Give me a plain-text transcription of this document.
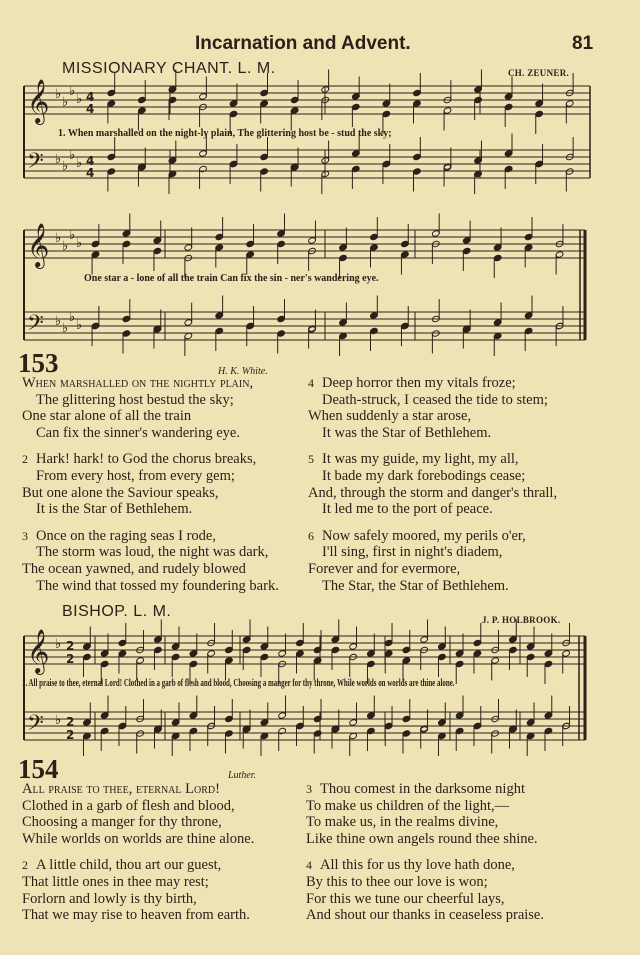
Incarnation and Advent.	81
MISSIONARY CHANT. L. M.	CH. ZEUNER.
𝄞
𝄢
𝄞
𝄢
𝄞
𝄢
♭
♭
♭
♭
♭ ♭
♭
♭
♭
♭
♭
♭
♭ ♭
♭
♭
♭
♭
4
4
4
4
2
2
2
2
1. When marshalled on the night-ly plain, The glittering host be - stud the sky;
One star a - lone of all the train Can fix the sin - ner's wandering eye.
153	H. K. White.
When marshalled on the nightly plain,
The glittering host bestud the sky;
One star alone of all the train
Can fix the sinner's wandering eye.
2 Hark! hark! to God the chorus breaks,
From every host, from every gem;
But one alone the Saviour speaks,
It is the Star of Bethlehem.
3 Once on the raging seas I rode,
The storm was loud, the night was dark,
The ocean yawned, and rudely blowed
The wind that tossed my foundering bark.
4 Deep horror then my vitals froze;
Death-struck, I ceased the tide to stem;
When suddenly a star arose,
It was the Star of Bethlehem.
5 It was my guide, my light, my all,
It bade my dark forebodings cease;
And, through the storm and danger's thrall,
It led me to the port of peace.
6 Now safely moored, my perils o'er,
I'll sing, first in night's diadem,
Forever and for evermore,
The Star, the Star of Bethlehem.
BISHOP. L. M.	J. P. HOLBROOK.
1. All praise to thee, eternal Lord! Clothed in a garb of flesh and blood, Choosing a manger for thy throne, While worlds on worlds are thine alone.
154	Luther.
All praise to thee, eternal Lord!
Clothed in a garb of flesh and blood,
Choosing a manger for thy throne,
While worlds on worlds are thine alone.
2 A little child, thou art our guest,
That little ones in thee may rest;
Forlorn and lowly is thy birth,
That we may rise to heaven from earth.
3 Thou comest in the darksome night
To make us children of the light,—
To make us, in the realms divine,
Like thine own angels round thee shine.
4 All this for us thy love hath done,
By this to thee our love is won;
For this we tune our cheerful lays,
And shout our thanks in ceaseless praise.
